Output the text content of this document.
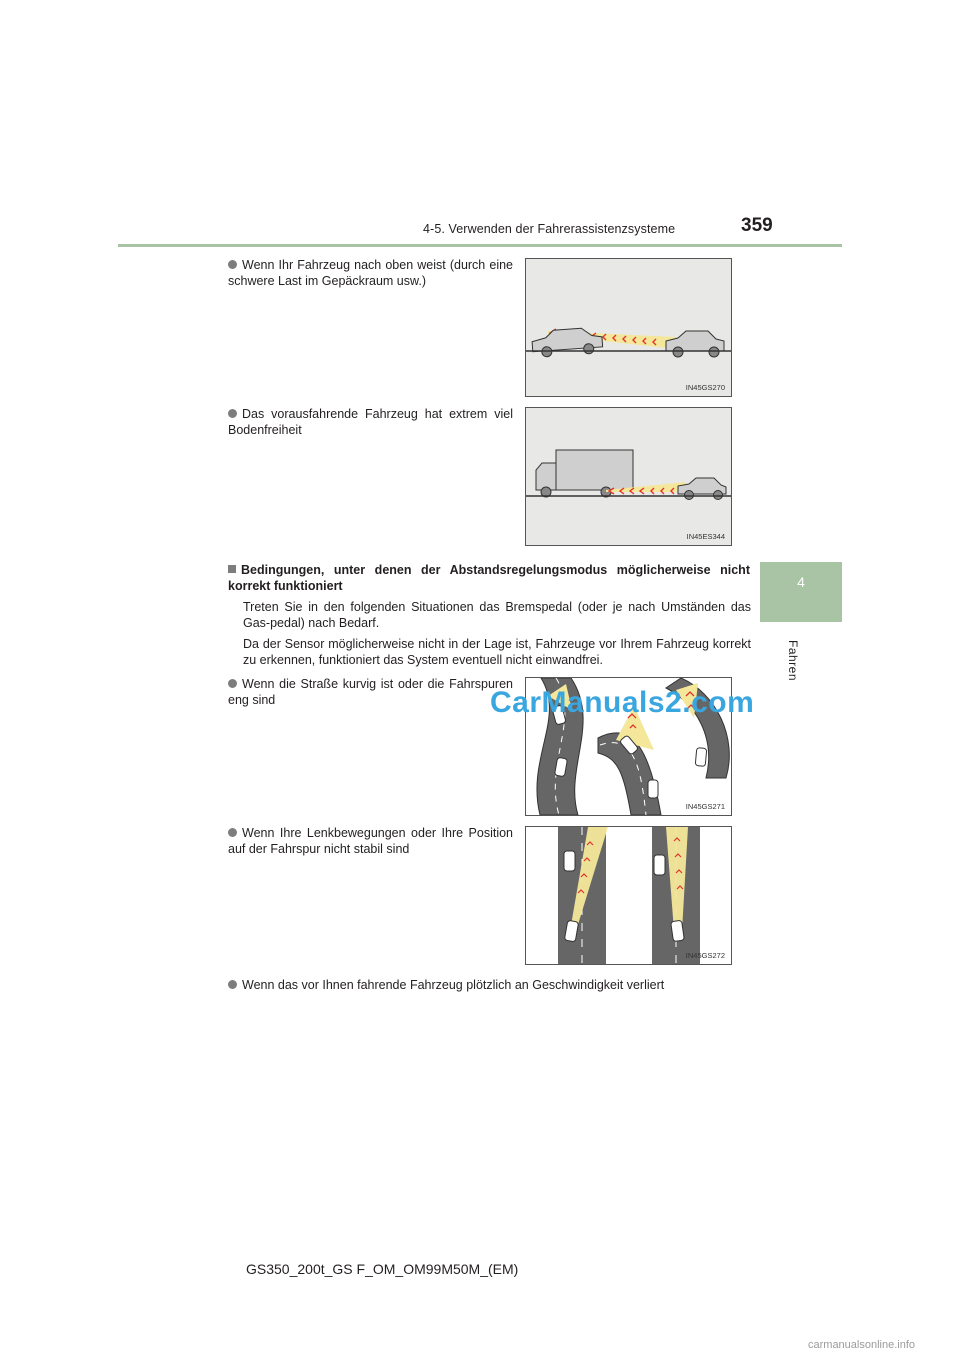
4-5. Verwenden der Fahrerassistenzsysteme	359
4
Fahren
Wenn Ihr Fahrzeug nach oben weist (durch eine schwere Last im Gepäckraum usw.)
IN45GS270
Das vorausfahrende Fahrzeug hat extrem viel Bodenfreiheit
IN45ES344
Bedingungen, unter denen der Abstandsregelungsmodus möglicherweise nicht korrekt funktioniert
Treten Sie in den folgenden Situationen das Bremspedal (oder je nach Umständen das Gas-pedal) nach Bedarf.
Da der Sensor möglicherweise nicht in der Lage ist, Fahrzeuge vor Ihrem Fahrzeug korrekt zu erkennen, funktioniert das System eventuell nicht einwandfrei.
Wenn die Straße kurvig ist oder die Fahrspuren eng sind
IN45GS271
Wenn Ihre Lenkbewegungen oder Ihre Position auf der Fahrspur nicht stabil sind
IN45GS272
Wenn das vor Ihnen fahrende Fahrzeug plötzlich an Geschwindigkeit verliert
CarManuals2.com
GS350_200t_GS F_OM_OM99M50M_(EM)
carmanualsonline.info
